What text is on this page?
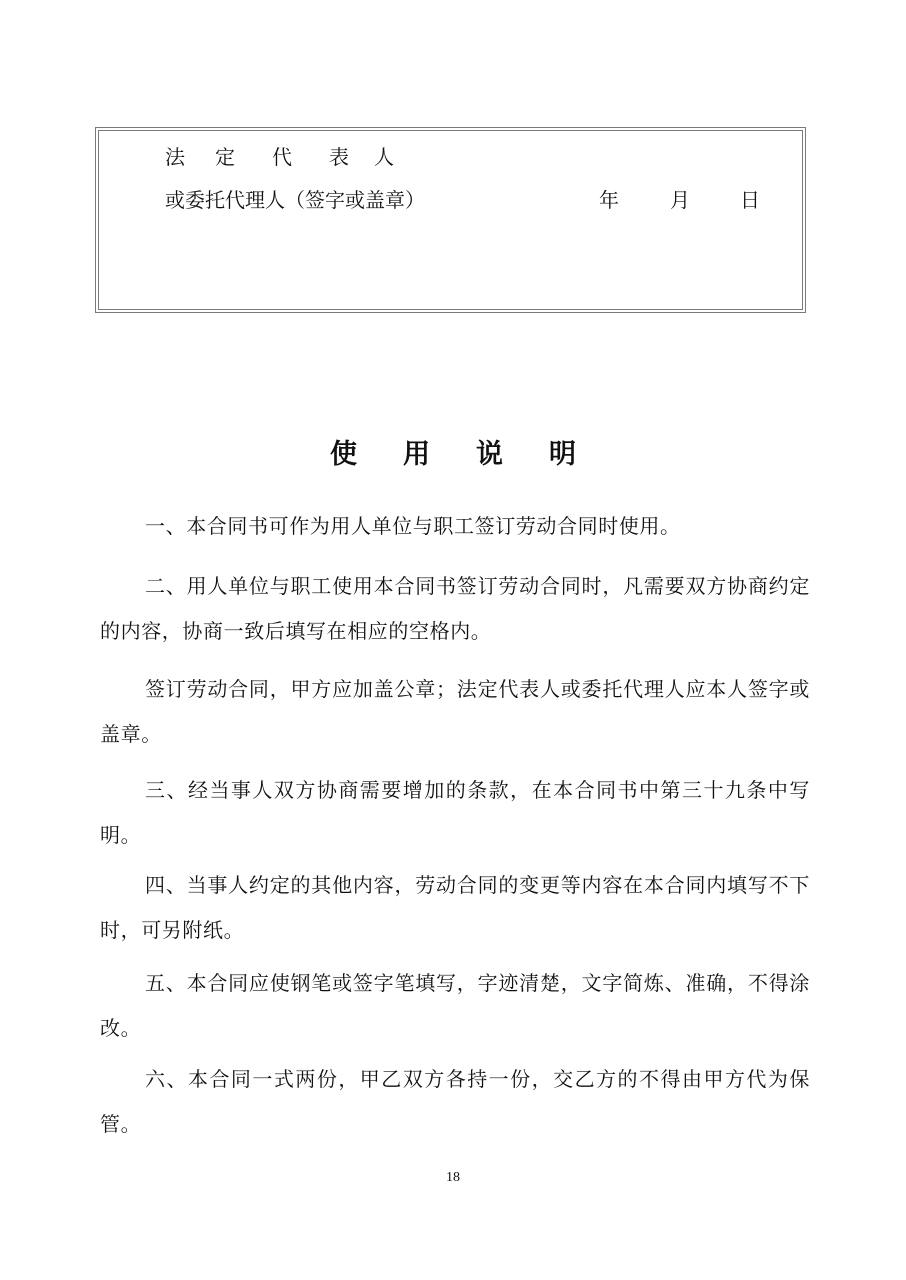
法 定 代 表 人
或委托代理人（签字或盖章）	年	月	日
使 用 说 明

一、本合同书可作为用人单位与职工签订劳动合同时使用。

二、用人单位与职工使用本合同书签订劳动合同时，凡需要双方协商约定的内容，协商一致后填写在相应的空格内。

签订劳动合同，甲方应加盖公章；法定代表人或委托代理人应本人签字或盖章。

三、经当事人双方协商需要增加的条款，在本合同书中第三十九条中写明。

四、当事人约定的其他内容，劳动合同的变更等内容在本合同内填写不下时，可另附纸。

五、本合同应使钢笔或签字笔填写，字迹清楚，文字简炼、准确，不得涂改。

六、本合同一式两份，甲乙双方各持一份，交乙方的不得由甲方代为保管。

18
